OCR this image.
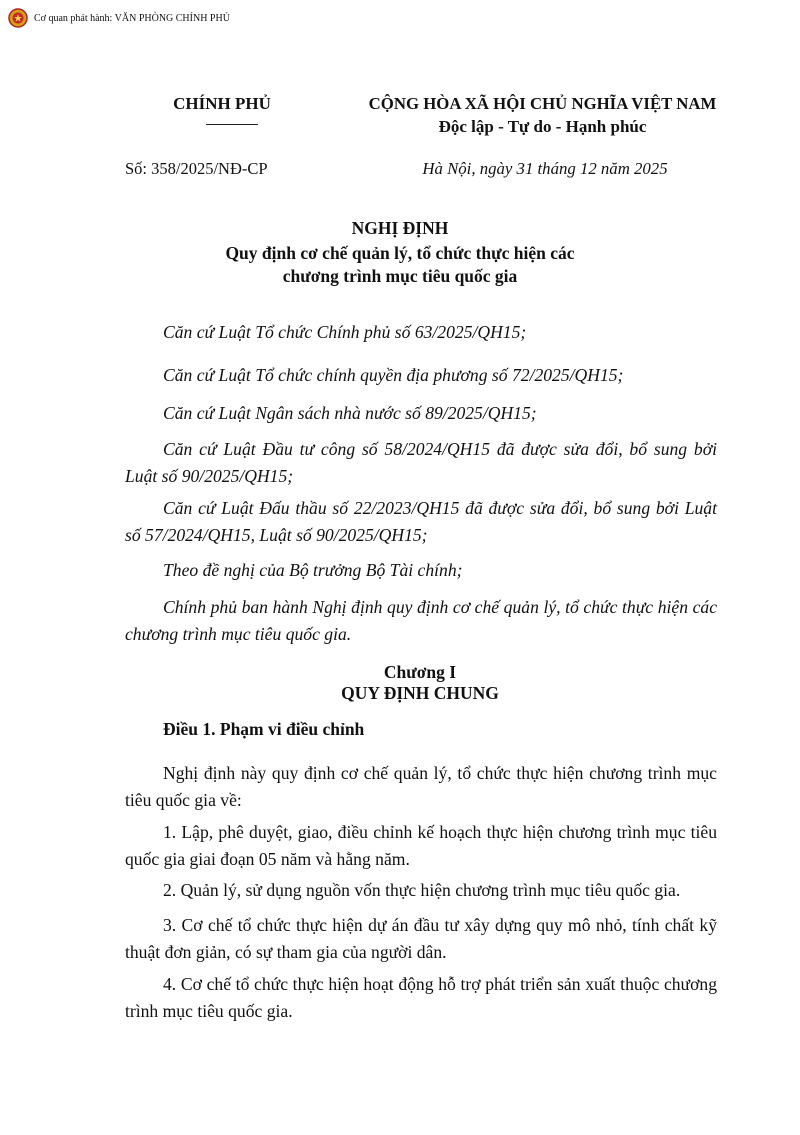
Cơ quan phát hành: VĂN PHÒNG CHÍNH PHỦ
CHÍNH PHỦ
Số: 358/2025/NĐ-CP
CỘNG HÒA XÃ HỘI CHỦ NGHĨA VIỆT NAM
Độc lập - Tự do - Hạnh phúc
Hà Nội, ngày 31 tháng 12 năm 2025
NGHỊ ĐỊNH
Quy định cơ chế quản lý, tổ chức thực hiện các
chương trình mục tiêu quốc gia
Căn cứ Luật Tổ chức Chính phủ số 63/2025/QH15;
Căn cứ Luật Tổ chức chính quyền địa phương số 72/2025/QH15;
Căn cứ Luật Ngân sách nhà nước số 89/2025/QH15;
Căn cứ Luật Đầu tư công số 58/2024/QH15 đã được sửa đổi, bổ sung bởi Luật số 90/2025/QH15;
Căn cứ Luật Đấu thầu số 22/2023/QH15 đã được sửa đổi, bổ sung bởi Luật số 57/2024/QH15, Luật số 90/2025/QH15;
Theo đề nghị của Bộ trưởng Bộ Tài chính;
Chính phủ ban hành Nghị định quy định cơ chế quản lý, tổ chức thực hiện các chương trình mục tiêu quốc gia.
Chương I
QUY ĐỊNH CHUNG
Điều 1. Phạm vi điều chỉnh
Nghị định này quy định cơ chế quản lý, tổ chức thực hiện chương trình mục tiêu quốc gia về:
1. Lập, phê duyệt, giao, điều chỉnh kế hoạch thực hiện chương trình mục tiêu quốc gia giai đoạn 05 năm và hằng năm.
2. Quản lý, sử dụng nguồn vốn thực hiện chương trình mục tiêu quốc gia.
3. Cơ chế tổ chức thực hiện dự án đầu tư xây dựng quy mô nhỏ, tính chất kỹ thuật đơn giản, có sự tham gia của người dân.
4. Cơ chế tổ chức thực hiện hoạt động hỗ trợ phát triển sản xuất thuộc chương trình mục tiêu quốc gia.
